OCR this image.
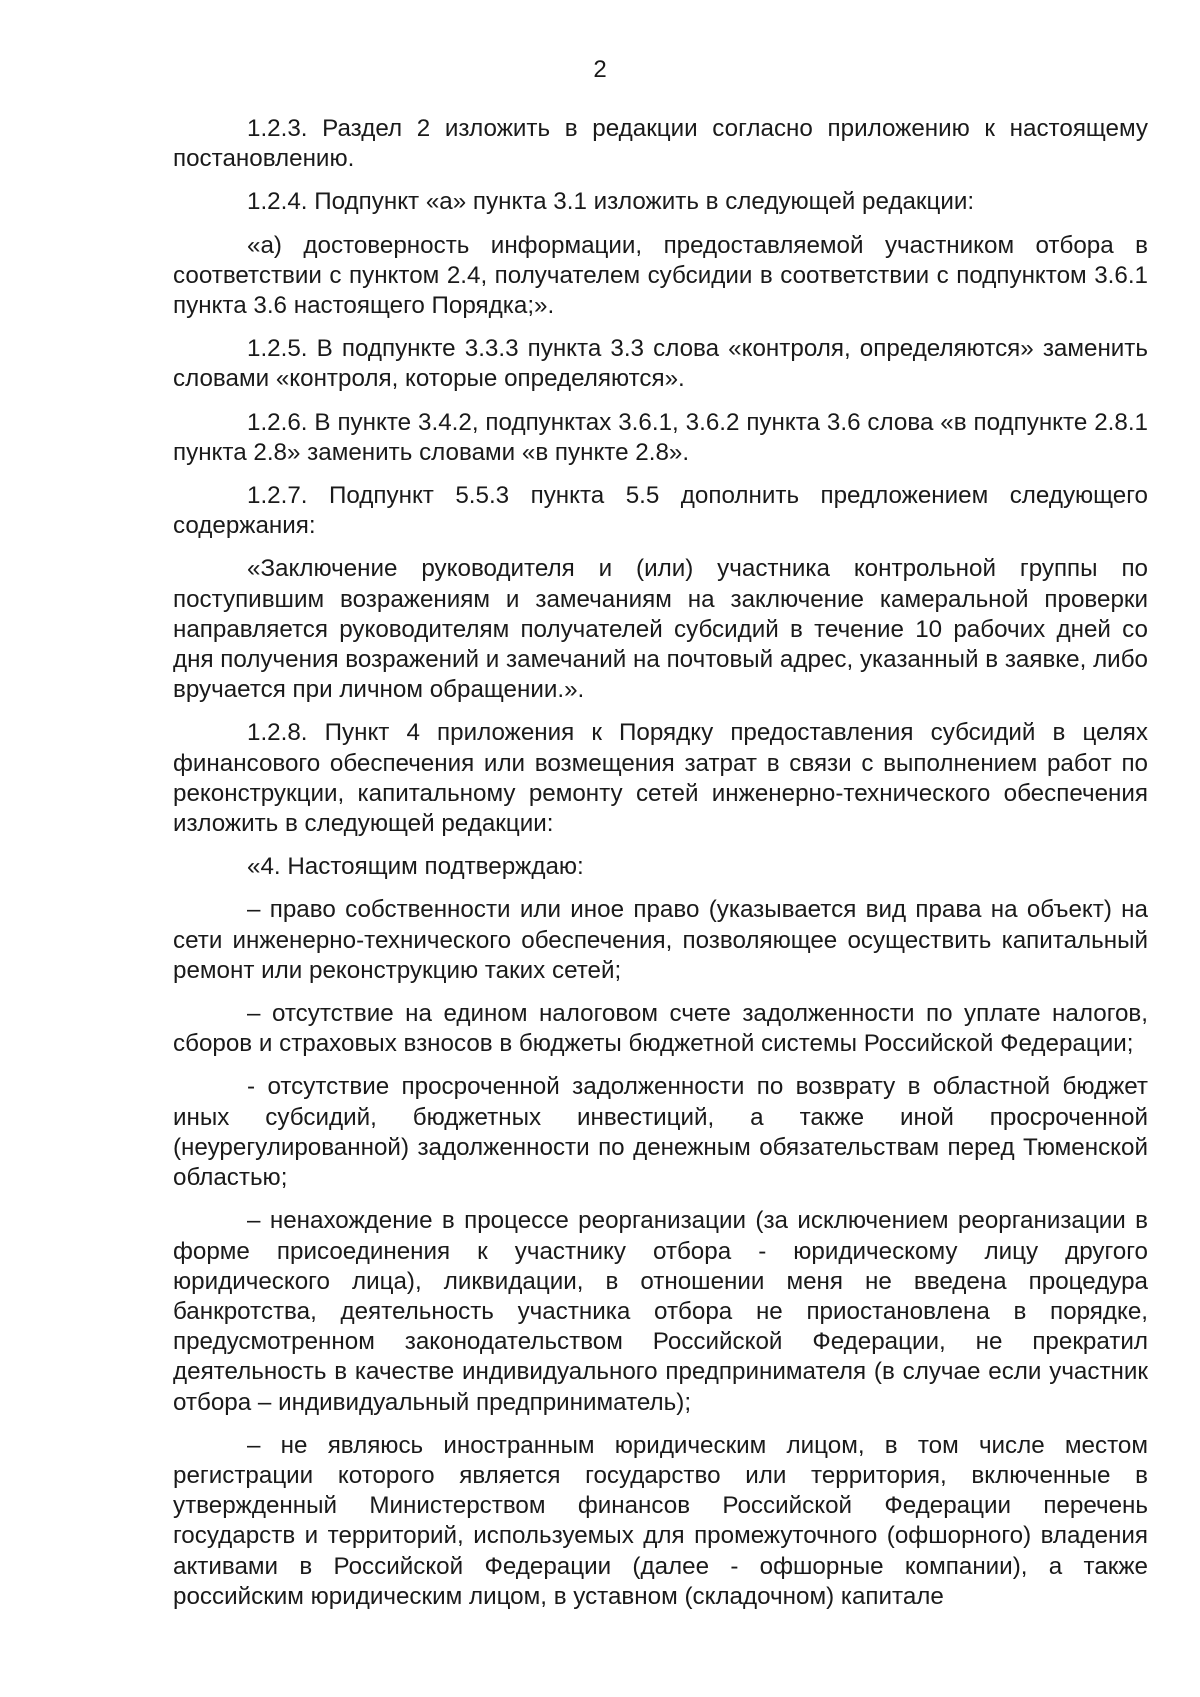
2

1.2.3. Раздел 2 изложить в редакции согласно приложению к настоящему постановлению.

1.2.4. Подпункт «а» пункта 3.1 изложить в следующей редакции:

«а) достоверность информации, предоставляемой участником отбора в соответствии с пунктом 2.4, получателем субсидии в соответствии с подпунктом 3.6.1 пункта 3.6 настоящего Порядка;».

1.2.5. В подпункте 3.3.3 пункта 3.3 слова «контроля, определяются» заменить словами «контроля, которые определяются».

1.2.6. В пункте 3.4.2, подпунктах 3.6.1, 3.6.2 пункта 3.6 слова «в подпункте 2.8.1 пункта 2.8» заменить словами «в пункте 2.8».

1.2.7. Подпункт 5.5.3 пункта 5.5 дополнить предложением следующего содержания:

«Заключение руководителя и (или) участника контрольной группы по поступившим возражениям и замечаниям на заключение камеральной проверки направляется руководителям получателей субсидий в течение 10 рабочих дней со дня получения возражений и замечаний на почтовый адрес, указанный в заявке, либо вручается при личном обращении.».

1.2.8. Пункт 4 приложения к Порядку предоставления субсидий в целях финансового обеспечения или возмещения затрат в связи с выполнением работ по реконструкции, капитальному ремонту сетей инженерно-технического обеспечения изложить в следующей редакции:

«4. Настоящим подтверждаю:

– право собственности или иное право (указывается вид права на объект) на сети инженерно-технического обеспечения, позволяющее осуществить капитальный ремонт или реконструкцию таких сетей;

– отсутствие на едином налоговом счете задолженности по уплате налогов, сборов и страховых взносов в бюджеты бюджетной системы Российской Федерации;

- отсутствие просроченной задолженности по возврату в областной бюджет иных субсидий, бюджетных инвестиций, а также иной просроченной (неурегулированной) задолженности по денежным обязательствам перед Тюменской областью;

– ненахождение в процессе реорганизации (за исключением реорганизации в форме присоединения к участнику отбора - юридическому лицу другого юридического лица), ликвидации, в отношении меня не введена процедура банкротства, деятельность участника отбора не приостановлена в порядке, предусмотренном законодательством Российской Федерации, не прекратил деятельность в качестве индивидуального предпринимателя (в случае если участник отбора – индивидуальный предприниматель);

– не являюсь иностранным юридическим лицом, в том числе местом регистрации которого является государство или территория, включенные в утвержденный Министерством финансов Российской Федерации перечень государств и территорий, используемых для промежуточного (офшорного) владения активами в Российской Федерации (далее - офшорные компании), а также российским юридическим лицом, в уставном (складочном) капитале
